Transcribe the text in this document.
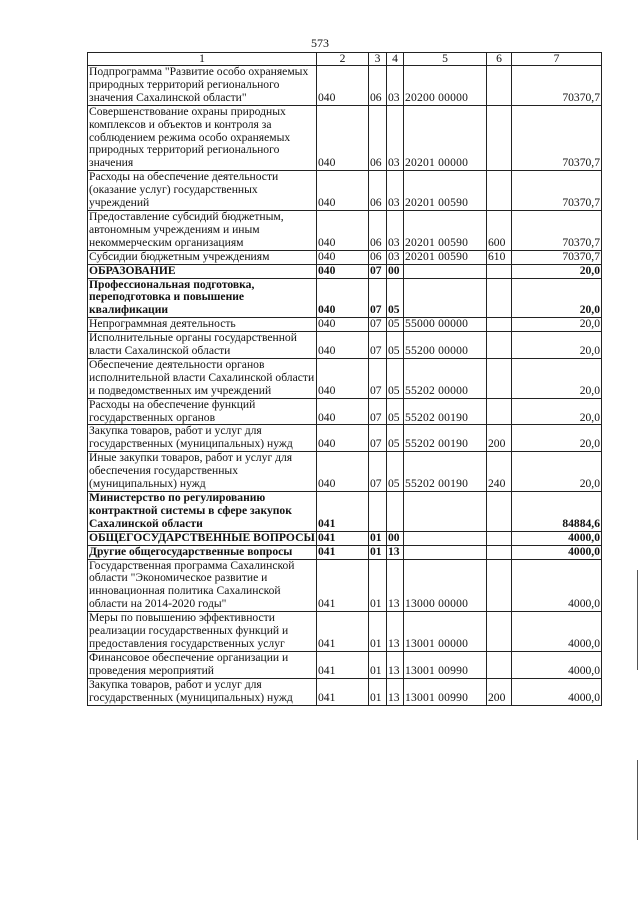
573
1	2	3	4	5	6	7
Подпрограмма "Развитие особо охраняемых природных территорий регионального значения Сахалинской области"	040	06	03	20200 00000		70370,7
Совершенствование охраны природных комплексов и объектов и контроля за соблюдением режима особо охраняемых природных территорий регионального значения	040	06	03	20201 00000		70370,7
Расходы на обеспечение деятельности (оказание услуг) государственных учреждений	040	06	03	20201 00590		70370,7
Предоставление субсидий бюджетным, автономным учреждениям и иным некоммерческим организациям	040	06	03	20201 00590	600	70370,7
Субсидии бюджетным учреждениям	040	06	03	20201 00590	610	70370,7
ОБРАЗОВАНИЕ	040	07	00			20,0
Профессиональная подготовка, переподготовка и повышение квалификации	040	07	05			20,0
Непрограммная деятельность	040	07	05	55000 00000		20,0
Исполнительные органы государственной власти Сахалинской области	040	07	05	55200 00000		20,0
Обеспечение деятельности органов исполнительной власти Сахалинской области и подведомственных им учреждений	040	07	05	55202 00000		20,0
Расходы на обеспечение функций государственных органов	040	07	05	55202 00190		20,0
Закупка товаров, работ и услуг для государственных (муниципальных) нужд	040	07	05	55202 00190	200	20,0
Иные закупки товаров, работ и услуг для обеспечения государственных (муниципальных) нужд	040	07	05	55202 00190	240	20,0
Министерство по регулированию контрактной системы в сфере закупок Сахалинской области	041					84884,6
ОБЩЕГОСУДАРСТВЕННЫЕ ВОПРОСЫ	041	01	00			4000,0
Другие общегосударственные вопросы	041	01	13			4000,0
Государственная программа Сахалинской области "Экономическое развитие и инновационная политика Сахалинской области на 2014-2020 годы"	041	01	13	13000 00000		4000,0
Меры по повышению эффективности реализации государственных функций и предоставления государственных услуг	041	01	13	13001 00000		4000,0
Финансовое обеспечение организации и проведения мероприятий	041	01	13	13001 00990		4000,0
Закупка товаров, работ и услуг для государственных (муниципальных) нужд	041	01	13	13001 00990	200	4000,0
